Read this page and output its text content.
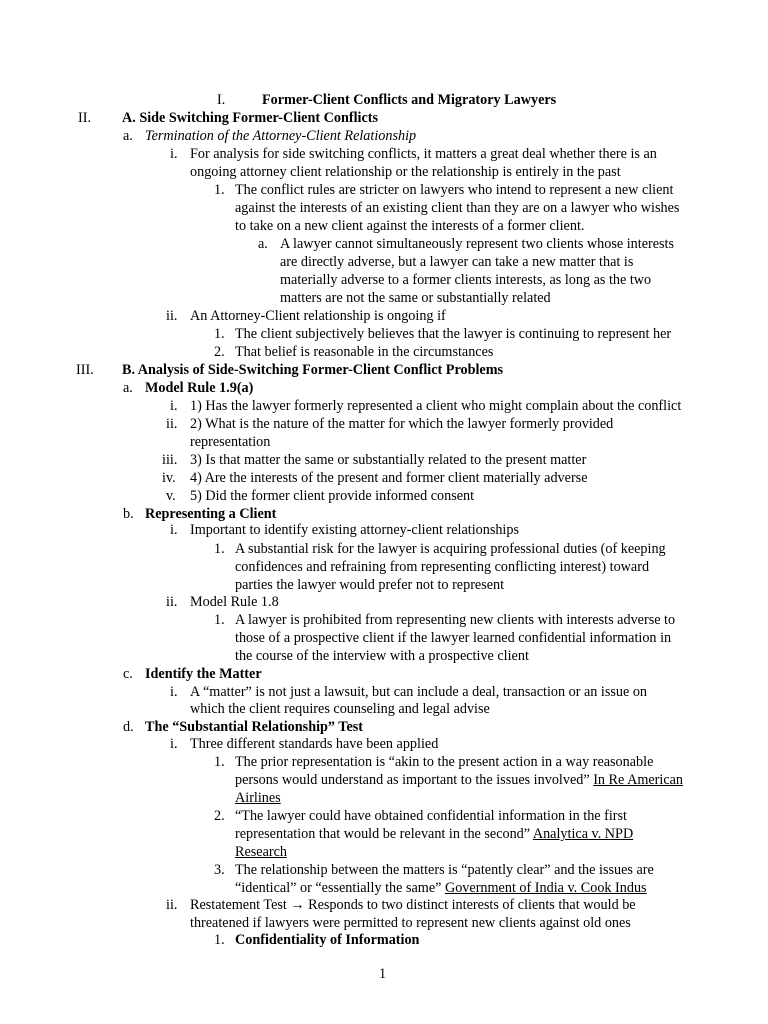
I.	Former-Client Conflicts and Migratory Lawyers
II. A. Side Switching Former-Client Conflicts
a. Termination of the Attorney-Client Relationship
i. For analysis for side switching conflicts, it matters a great deal whether there is an
ongoing attorney client relationship or the relationship is entirely in the past
1. The conflict rules are stricter on lawyers who intend to represent a new client
against the interests of an existing client than they are on a lawyer who wishes
to take on a new client against the interests of a former client.
a. A lawyer cannot simultaneously represent two clients whose interests
are directly adverse, but a lawyer can take a new matter that is
materially adverse to a former clients interests, as long as the two
matters are not the same or substantially related
ii. An Attorney-Client relationship is ongoing if
1. The client subjectively believes that the lawyer is continuing to represent her
2. That belief is reasonable in the circumstances
III. B. Analysis of Side-Switching Former-Client Conflict Problems
a. Model Rule 1.9(a)
i. 1) Has the lawyer formerly represented a client who might complain about the conflict
ii. 2) What is the nature of the matter for which the lawyer formerly provided
representation
iii. 3) Is that matter the same or substantially related to the present matter
iv. 4) Are the interests of the present and former client materially adverse
v. 5) Did the former client provide informed consent
b. Representing a Client
i. Important to identify existing attorney-client relationships
1. A substantial risk for the lawyer is acquiring professional duties (of keeping
confidences and refraining from representing conflicting interest) toward
parties the lawyer would prefer not to represent
ii. Model Rule 1.8
1. A lawyer is prohibited from representing new clients with interests adverse to
those of a prospective client if the lawyer learned confidential information in
the course of the interview with a prospective client
c. Identify the Matter
i. A “matter” is not just a lawsuit, but can include a deal, transaction or an issue on
which the client requires counseling and legal advise
d. The “Substantial Relationship” Test
i. Three different standards have been applied
1. The prior representation is “akin to the present action in a way reasonable
persons would understand as important to the issues involved” In Re American
Airlines
2. “The lawyer could have obtained confidential information in the first
representation that would be relevant in the second” Analytica v. NPD
Research
3. The relationship between the matters is “patently clear” and the issues are
“identical” or “essentially the same” Government of India v. Cook Indus
ii. Restatement Test → Responds to two distinct interests of clients that would be
threatened if lawyers were permitted to represent new clients against old ones
1. Confidentiality of Information
1
